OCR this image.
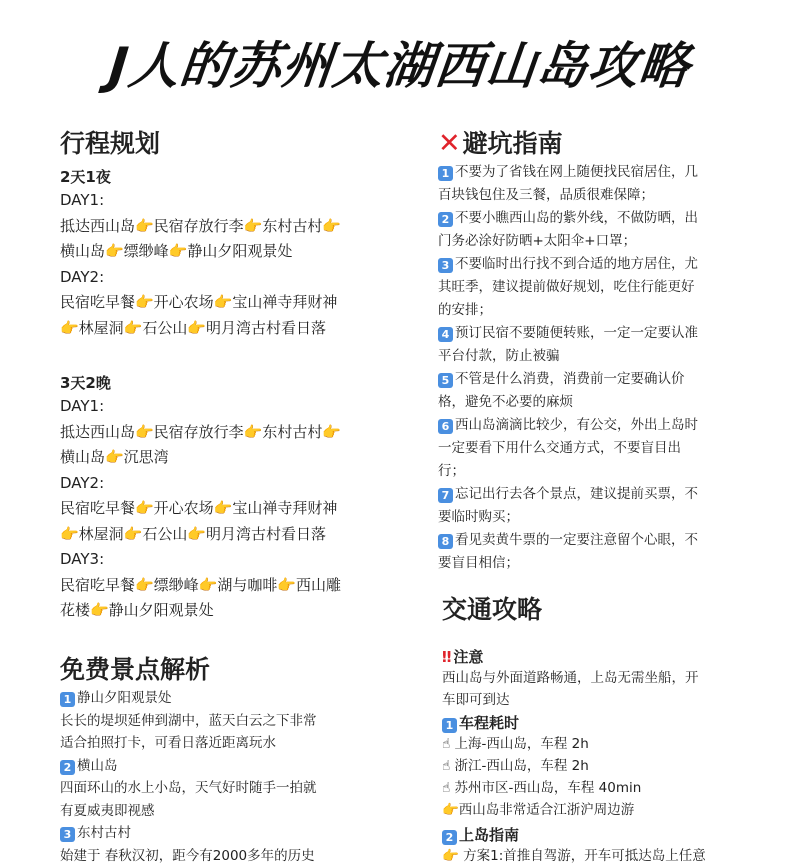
J人的苏州太湖西山岛攻略
行程规划
2天1夜
DAY1:
抵达西山岛👉民宿存放行李👉东村古村👉
横山岛👉缥缈峰👉静山夕阳观景处
DAY2:
民宿吃早餐👉开心农场👉宝山禅寺拜财神
👉林屋洞👉石公山👉明月湾古村看日落
3天2晚
DAY1:
抵达西山岛👉民宿存放行李👉东村古村👉
横山岛👉沉思湾
DAY2:
民宿吃早餐👉开心农场👉宝山禅寺拜财神
👉林屋洞👉石公山👉明月湾古村看日落
DAY3:
民宿吃早餐👉缥缈峰👉湖与咖啡👉西山雕
花楼👉静山夕阳观景处
免费景点解析
1 静山夕阳观景处
长长的堤坝延伸到湖中，蓝天白云之下非常
适合拍照打卡，可看日落近距离玩水
2 横山岛
四面环山的水上小岛，天气好时随手一拍就
有夏威夷即视感
3 东村古村
始建于 春秋汉初，距今有2000多年的历史
✕避坑指南
1 不要为了省钱在网上随便找民宿居住，几
百块钱包住及三餐，品质很难保障；
2 不要小瞧西山岛的紫外线，不做防晒，出
门务必涂好防晒+太阳伞+口罩；
3 不要临时出行找不到合适的地方居住，尤
其旺季，建议提前做好规划，吃住行能更好
的安排；
4 预订民宿不要随便转账，一定一定要认准
平台付款，防止被骗
5 不管是什么消费，消费前一定要确认价
格，避免不必要的麻烦
6 西山岛滴滴比较少，有公交，外出上岛时
一定要看下用什么交通方式，不要盲目出
行；
7 忘记出行去各个景点，建议提前买票，不
要临时购买；
8 看见卖黄牛票的一定要注意留个心眼，不
要盲目相信；
交通攻略
‼ 注意
西山岛与外面道路畅通，上岛无需坐船，开
车即可到达
1 车程耗时
☝ 上海-西山岛，车程 2h
☝ 浙江-西山岛，车程 2h
☝ 苏州市区-西山岛，车程 40min
👉西山岛非常适合江浙沪周边游
2 上岛指南
👉 方案1:首推自驾游，开车可抵达岛上任意
